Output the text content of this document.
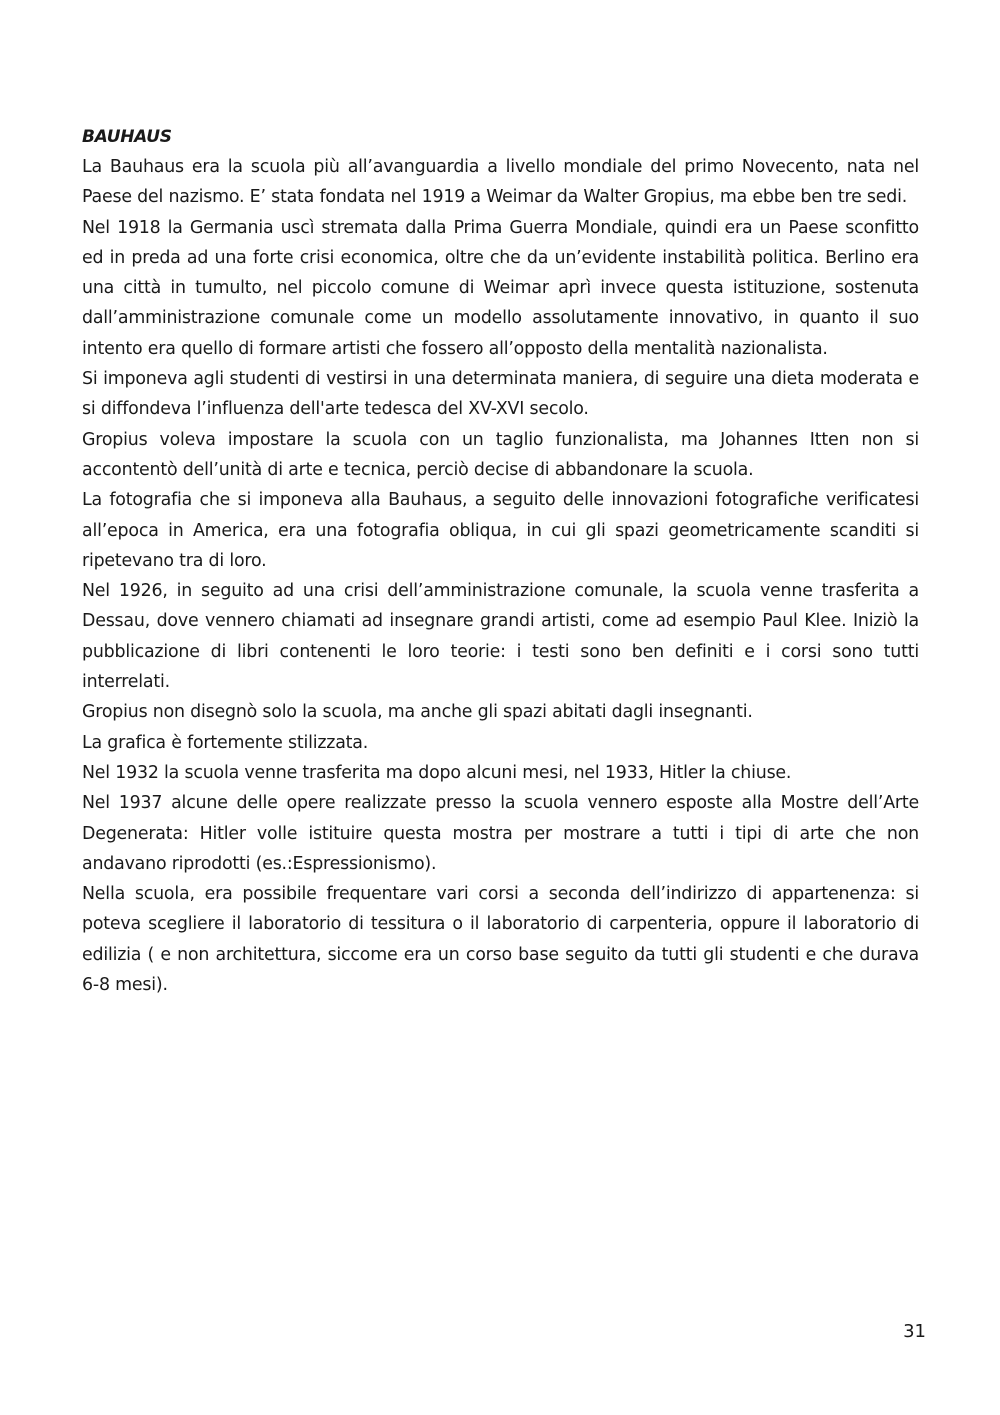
BAUHAUS

La Bauhaus era la scuola più all’avanguardia a livello mondiale del primo Novecento, nata nel Paese del nazismo. E’ stata fondata nel 1919 a Weimar da Walter Gropius, ma ebbe ben tre sedi.

Nel 1918 la Germania uscì stremata dalla Prima Guerra Mondiale, quindi era un Paese sconfitto ed in preda ad una forte crisi economica, oltre che da un’evidente instabilità politica. Berlino era una città in tumulto, nel piccolo comune di Weimar aprì invece questa istituzione, sostenuta dall’amministrazione comunale come un modello assolutamente innovativo, in quanto il suo intento era quello di formare artisti che fossero all’opposto della mentalità nazionalista.

Si imponeva agli studenti di vestirsi in una determinata maniera, di seguire una dieta moderata e si diffondeva l’influenza dell'arte tedesca del XV-XVI secolo.

Gropius voleva impostare la scuola con un taglio funzionalista, ma Johannes Itten non si accontentò dell’unità di arte e tecnica, perciò decise di abbandonare la scuola.

La fotografia che si imponeva alla Bauhaus, a seguito delle innovazioni fotografiche verificatesi all’epoca in America, era una fotografia obliqua, in cui gli spazi geometricamente scanditi si ripetevano tra di loro.

Nel 1926, in seguito ad una crisi dell’amministrazione comunale, la scuola venne trasferita a Dessau, dove vennero chiamati ad insegnare grandi artisti, come ad esempio Paul Klee. Iniziò la pubblicazione di libri contenenti le loro teorie: i testi sono ben definiti e i corsi sono tutti interrelati.

Gropius non disegnò solo la scuola, ma anche gli spazi abitati dagli insegnanti.

La grafica è fortemente stilizzata.

Nel 1932 la scuola venne trasferita ma dopo alcuni mesi, nel 1933, Hitler la chiuse.

Nel 1937 alcune delle opere realizzate presso la scuola vennero esposte alla Mostre dell’Arte Degenerata: Hitler volle istituire questa mostra per mostrare a tutti i tipi di arte che non andavano riprodotti (es.:Espressionismo).

Nella scuola, era possibile frequentare vari corsi a seconda dell’indirizzo di appartenenza: si poteva scegliere il laboratorio di tessitura o il laboratorio di carpenteria, oppure il laboratorio di edilizia ( e non architettura, siccome era un corso base seguito da tutti gli studenti e che durava 6-8 mesi).

31
